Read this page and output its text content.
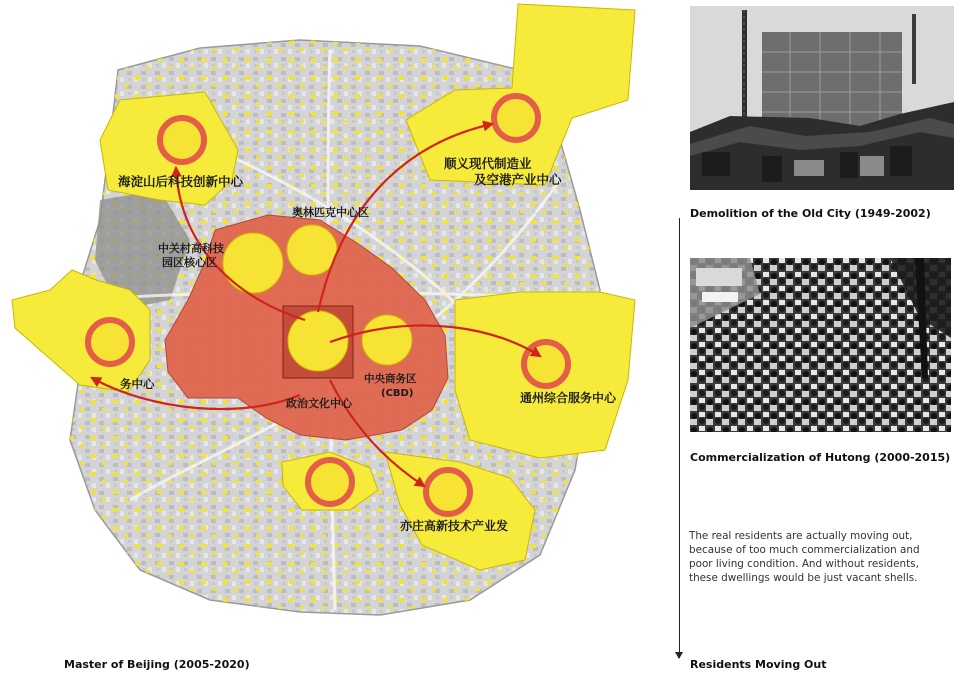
海淀山后科技创新中心
顺义现代制造业
及空港产业中心
奥林匹克中心区
中关村高科技
园区核心区
务中心	中央商务区
(CBD)
政治文化中心	通州综合服务中心
亦庄高新技术产业发
Master of Beijing (2005-2020)
Demolition of the Old City (1949-2002)
Commercialization of Hutong (2000-2015)
The real residents are actually moving out, because of too much commercialization and poor living condition. And without residents, these dwellings would be just vacant shells.
Residents Moving Out
